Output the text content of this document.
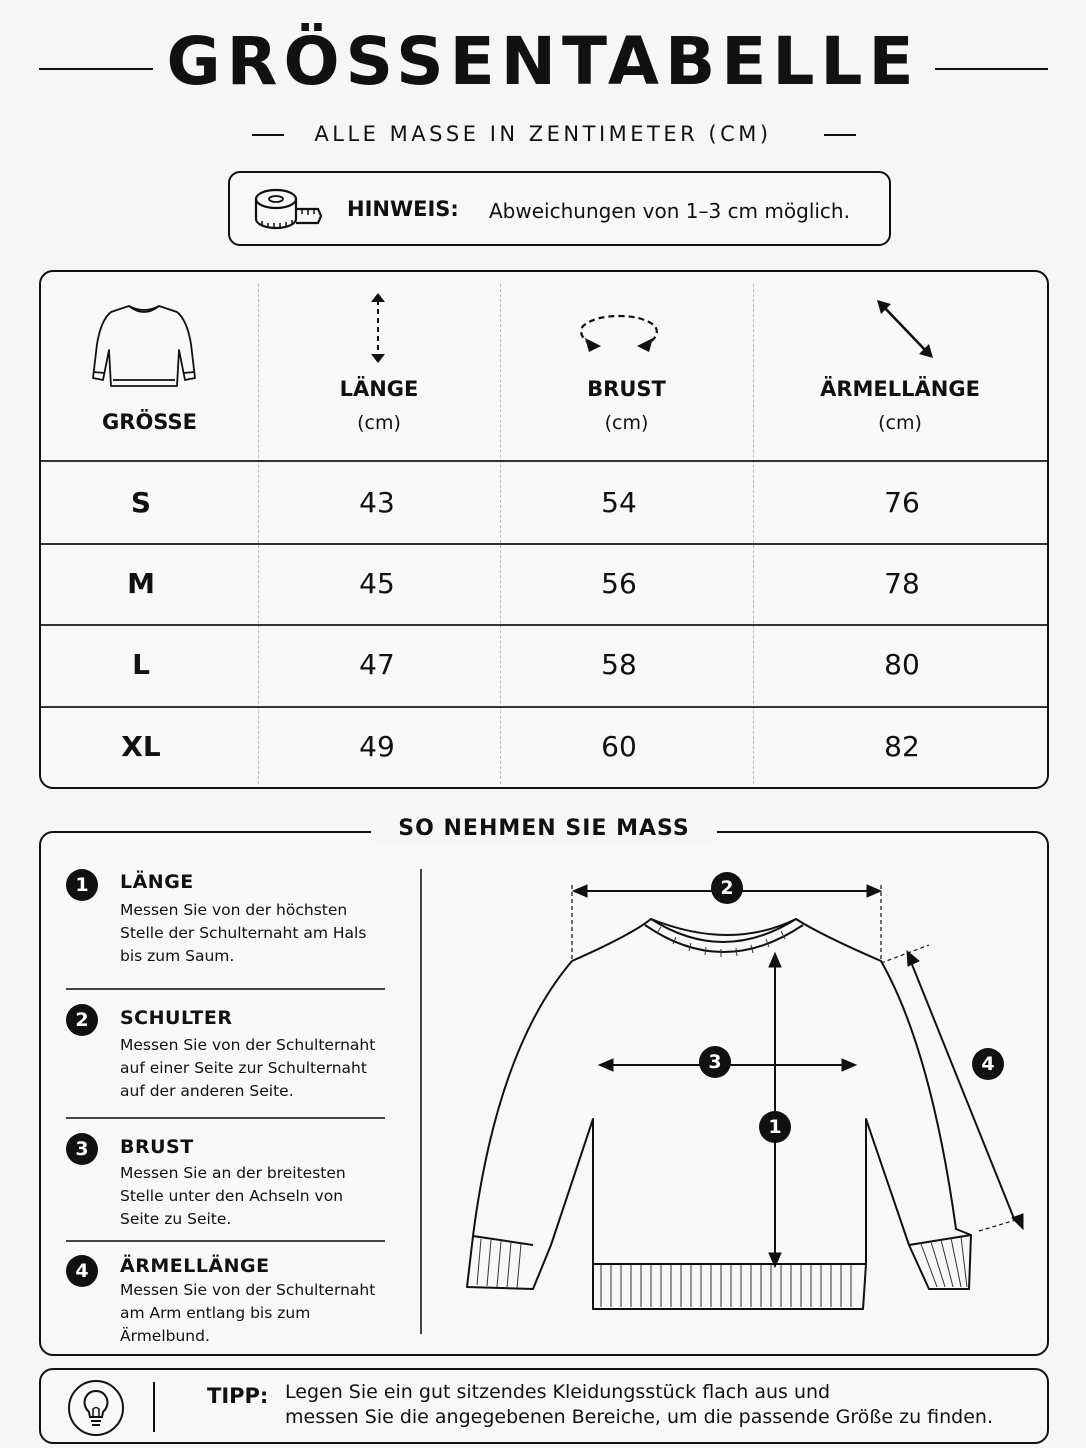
GRÖSSENTABELLE
ALLE MASSE IN ZENTIMETER (CM)
HINWEIS: Abweichungen von 1–3 cm möglich.
GRÖSSE
LÄNGE
(cm)
BRUST
(cm)
ÄRMELLÄNGE
(cm)
S	43	54	76
M	45	56	78
L	47	58	80
XL	49	60	82
1	LÄNGE
Messen Sie von der höchsten
Stelle der Schulternaht am Hals
bis zum Saum.
2	SCHULTER
Messen Sie von der Schulternaht
auf einer Seite zur Schulternaht
auf der anderen Seite.
3	BRUST
Messen Sie an der breitesten
Stelle unter den Achseln von
Seite zu Seite.
4	ÄRMELLÄNGE
Messen Sie von der Schulternaht
am Arm entlang bis zum
Ärmelbund.
2
1
3	4
SO NEHMEN SIE MASS
TIPP: Legen Sie ein gut sitzendes Kleidungsstück flach aus und
messen Sie die angegebenen Bereiche, um die passende Größe zu finden.
